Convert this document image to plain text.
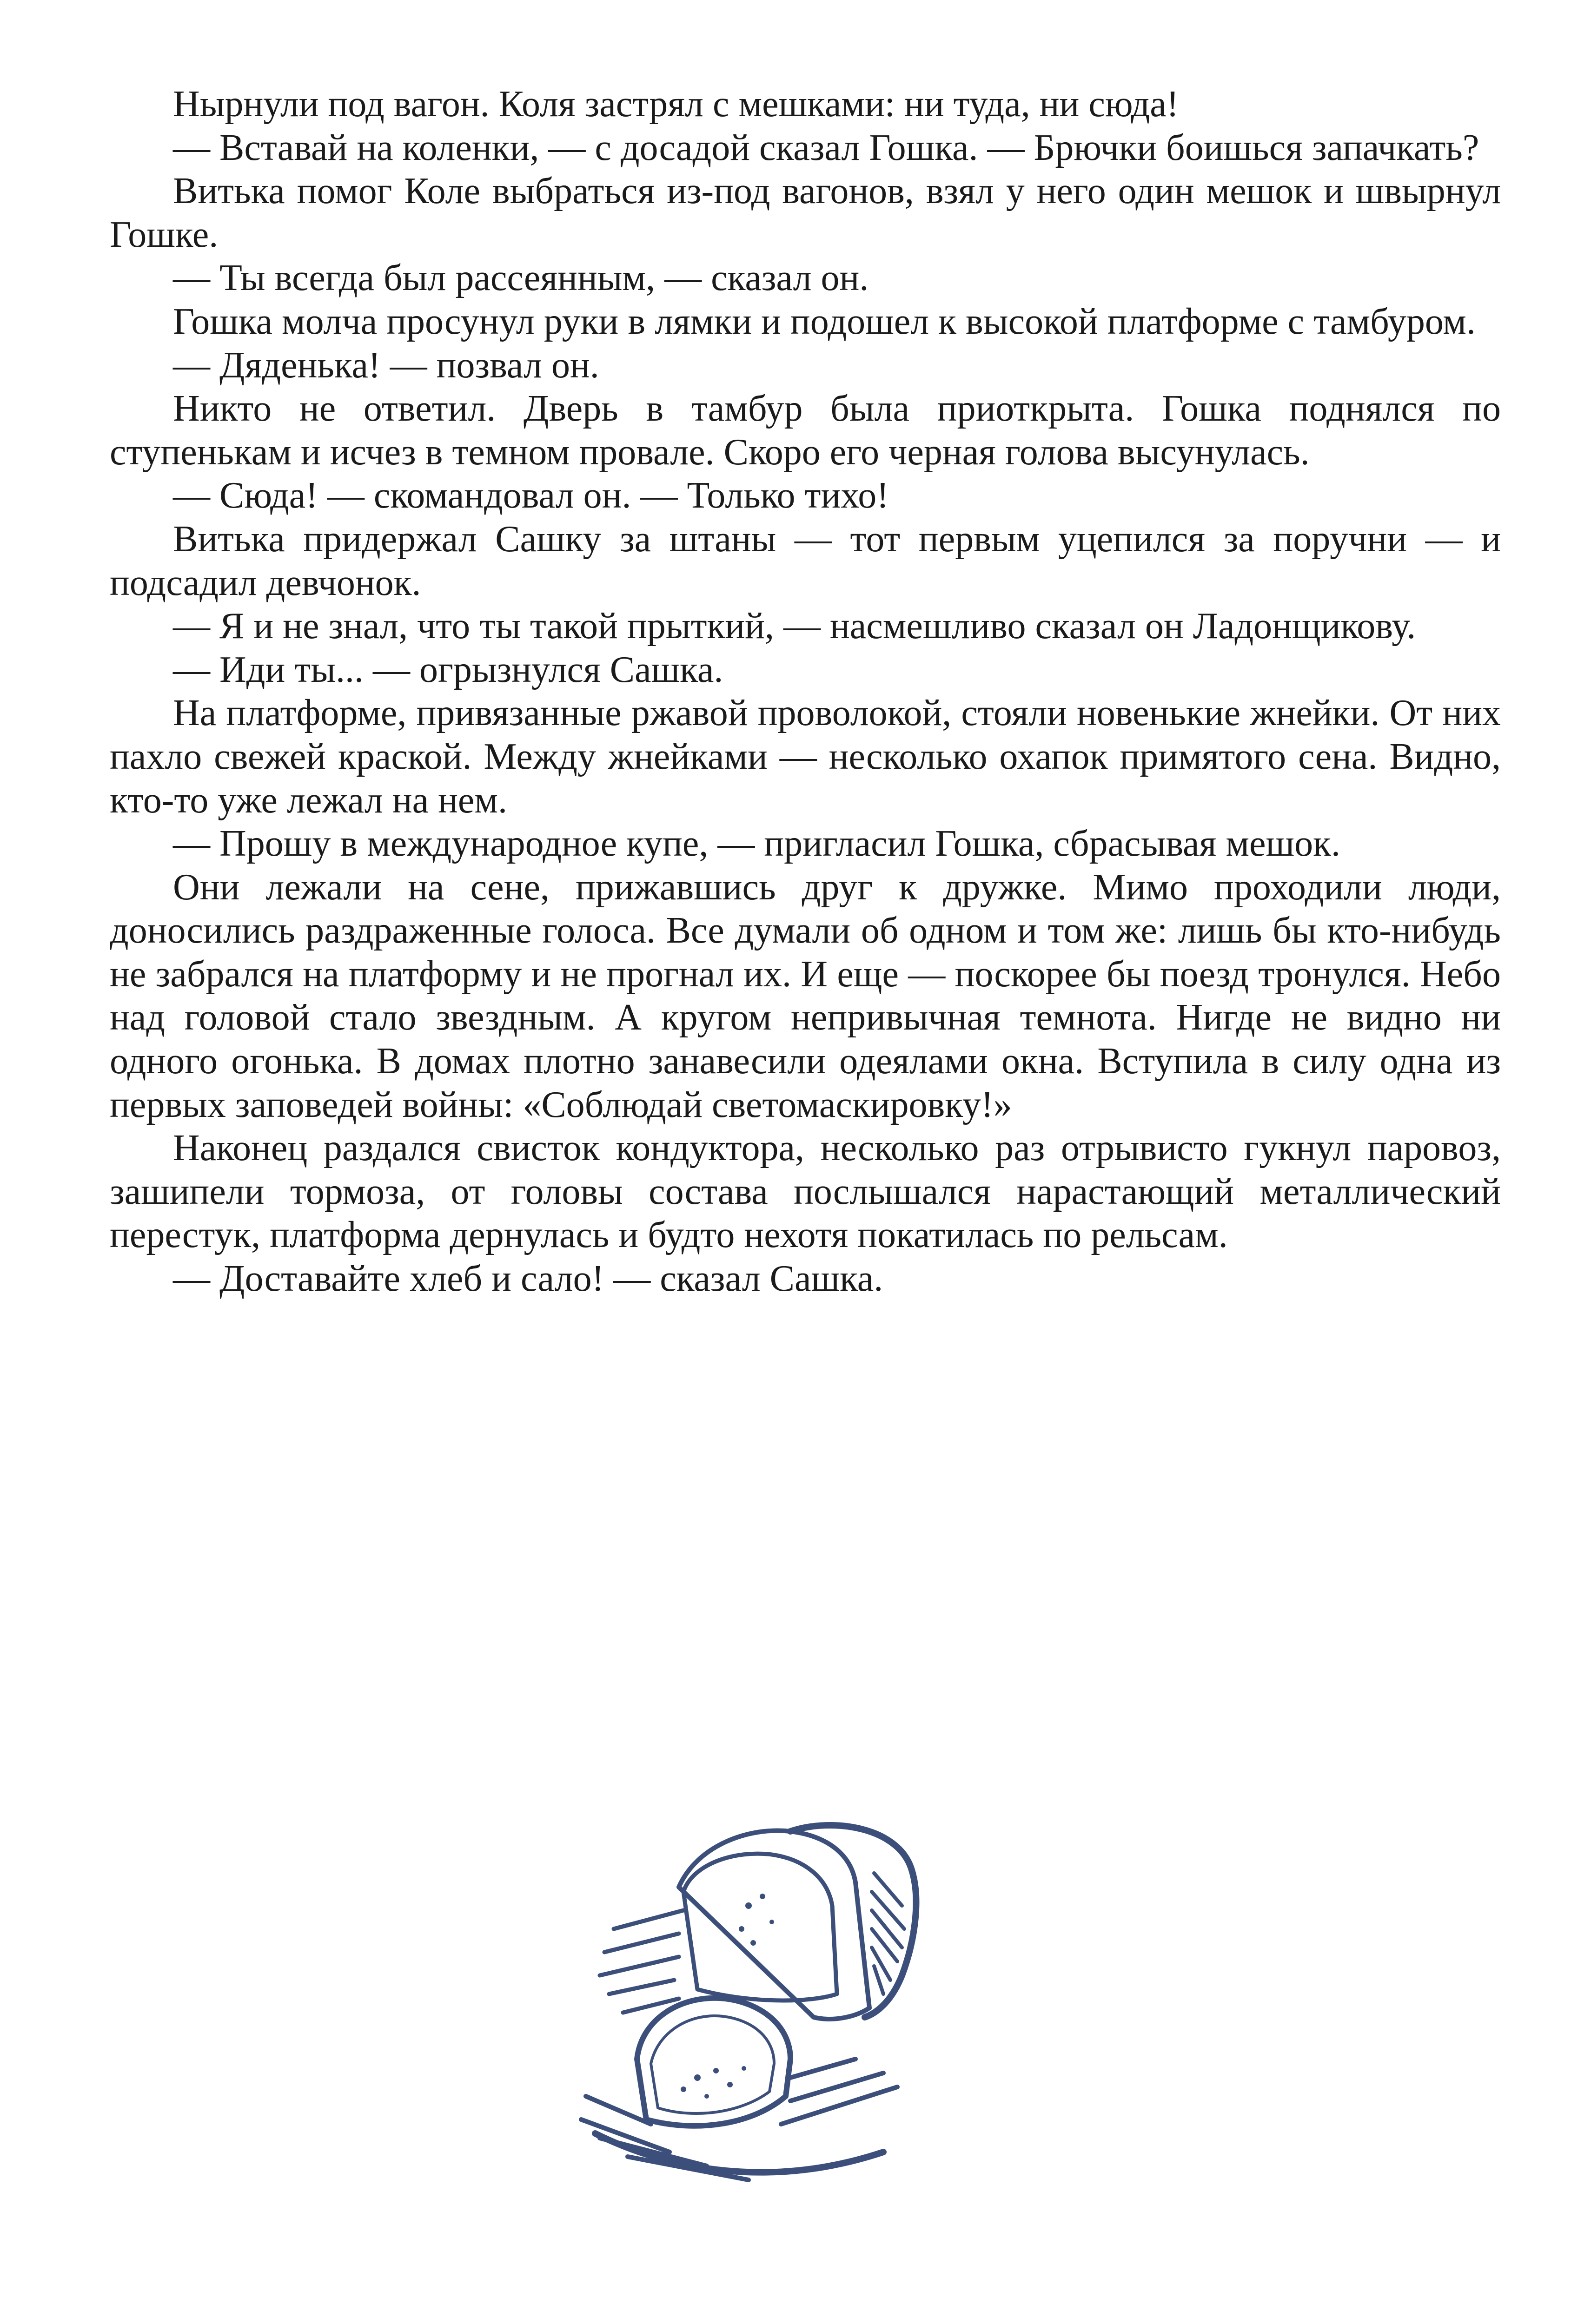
Нырнули под вагон. Коля застрял с мешками: ни туда, ни сюда!

— Вставай на коленки, — с досадой сказал Гошка. — Брючки боишься запачкать?

Витька помог Коле выбраться из-под вагонов, взял у него один мешок и швырнул Гошке.

— Ты всегда был рассеянным, — сказал он.

Гошка молча просунул руки в лямки и подошел к высокой платформе с тамбуром.

— Дяденька! — позвал он.

Никто не ответил. Дверь в тамбур была приоткрыта. Гошка поднялся по ступенькам и исчез в темном провале. Скоро его черная голова высунулась.

— Сюда! — скомандовал он. — Только тихо!

Витька придержал Сашку за штаны — тот первым уцепился за поручни — и подсадил девчонок.

— Я и не знал, что ты такой прыткий, — насмешливо сказал он Ладонщикову.

— Иди ты... — огрызнулся Сашка.

На платформе, привязанные ржавой проволокой, стояли новенькие жнейки. От них пахло свежей краской. Между жнейками — несколько охапок примятого сена. Видно, кто-то уже лежал на нем.

— Прошу в международное купе, — пригласил Гошка, сбрасывая мешок.

Они лежали на сене, прижавшись друг к дружке. Мимо проходили люди, доносились раздраженные голоса. Все думали об одном и том же: лишь бы кто-нибудь не забрался на платформу и не прогнал их. И еще — поскорее бы поезд тронулся. Небо над головой стало звездным. А кругом непривычная темнота. Нигде не видно ни одного огонька. В домах плотно занавесили одеялами окна. Вступила в силу одна из первых заповедей войны: «Соблюдай светомаскировку!»

Наконец раздался свисток кондуктора, несколько раз отрывисто гукнул паровоз, зашипели тормоза, от головы состава послышался нарастающий металлический перестук, платформа дернулась и будто нехотя покатилась по рельсам.

— Доставайте хлеб и сало! — сказал Сашка.
